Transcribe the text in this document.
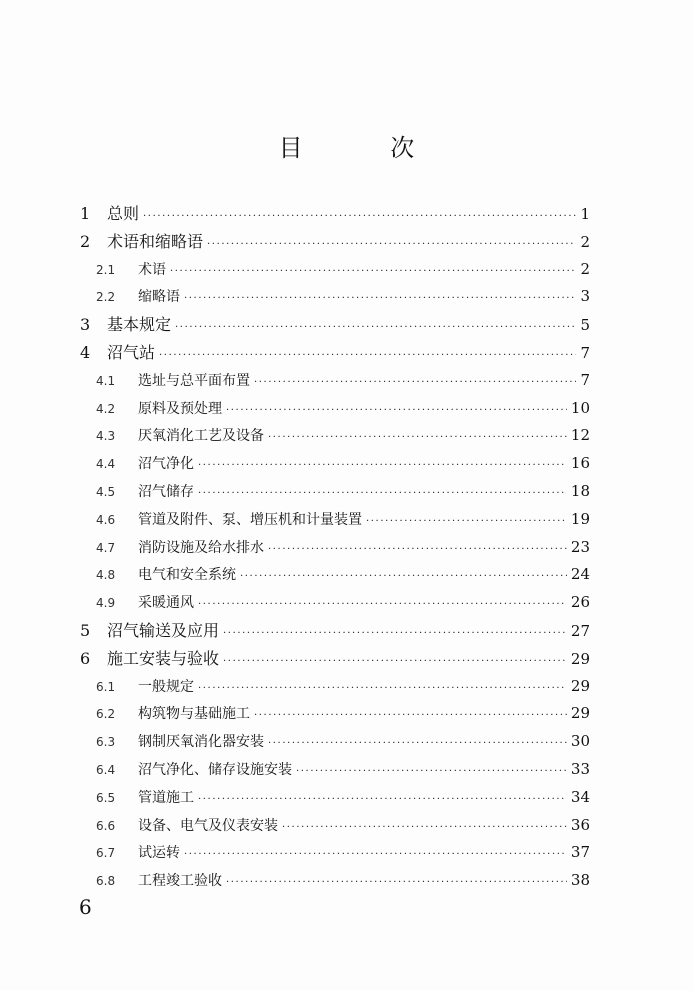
目 次
1	总则 ·····	1
2	术语和缩略语 ·····	2
2.1	术语 ·····	2
2.2	缩略语 ·····	3
3	基本规定 ·····	5
4	沼气站 ·····	7
4.1	选址与总平面布置 ·····	7
4.2	原料及预处理 ·····	10
4.3	厌氧消化工艺及设备 ·····	12
4.4	沼气净化 ·····	16
4.5	沼气储存 ·····	18
4.6	管道及附件、泵、增压机和计量装置 ·····	19
4.7	消防设施及给水排水 ·····	23
4.8	电气和安全系统 ·····	24
4.9	采暖通风 ·····	26
5	沼气输送及应用 ·····	27
6	施工安装与验收 ·····	29
6.1	一般规定 ·····	29
6.2	构筑物与基础施工 ·····	29
6.3	钢制厌氧消化器安装 ·····	30
6.4	沼气净化、储存设施安装 ·····	33
6.5	管道施工 ·····	34
6.6	设备、电气及仪表安装 ·····	36
6.7	试运转 ·····	37
6.8	工程竣工验收 ·····	38
6
